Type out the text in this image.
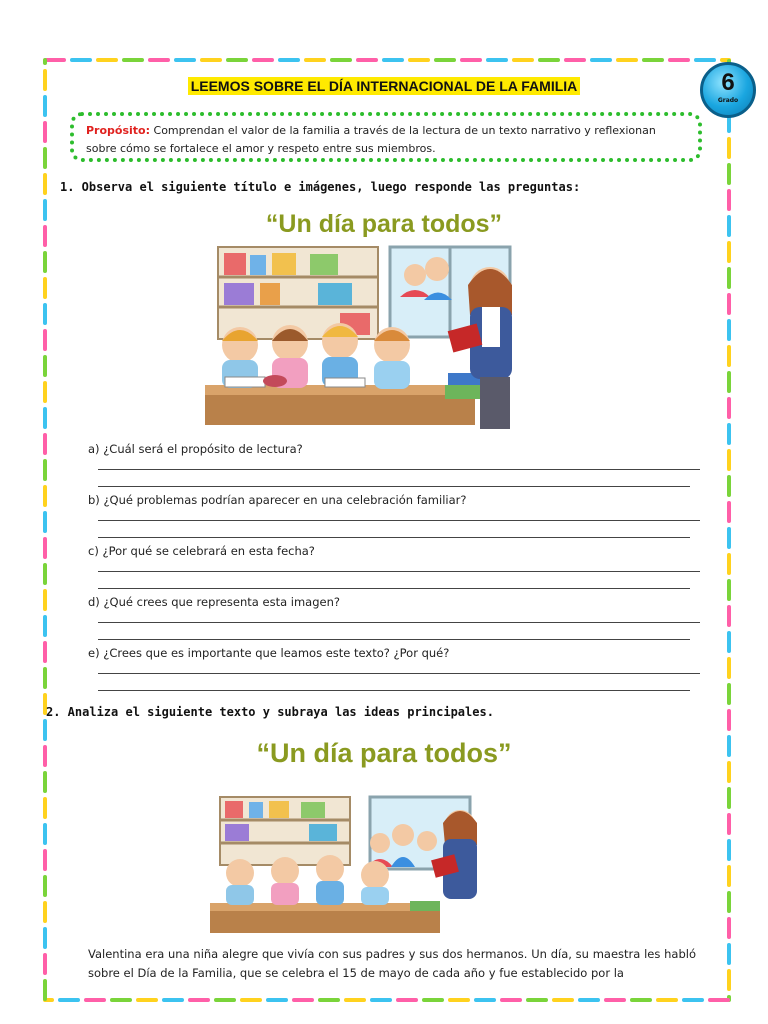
LEEMOS SOBRE EL DÍA INTERNACIONAL DE LA FAMILIA	6
Grado
Propósito: Comprendan el valor de la familia a través de la lectura de un texto narrativo y reflexionan sobre cómo se fortalece el amor y respeto entre sus miembros.
1. Observa el siguiente título e imágenes, luego responde las preguntas:
“Un día para todos”
a) ¿Cuál será el propósito de lectura?
b) ¿Qué problemas podrían aparecer en una celebración familiar?
c) ¿Por qué se celebrará en esta fecha?
d) ¿Qué crees que representa esta imagen?
e) ¿Crees que es importante que leamos este texto? ¿Por qué?
2. Analiza el siguiente texto y subraya las ideas principales.
“Un día para todos”
Valentina era una niña alegre que vivía con sus padres y sus dos hermanos. Un día, su maestra les habló sobre el Día de la Familia, que se celebra el 15 de mayo de cada año y fue establecido por la
